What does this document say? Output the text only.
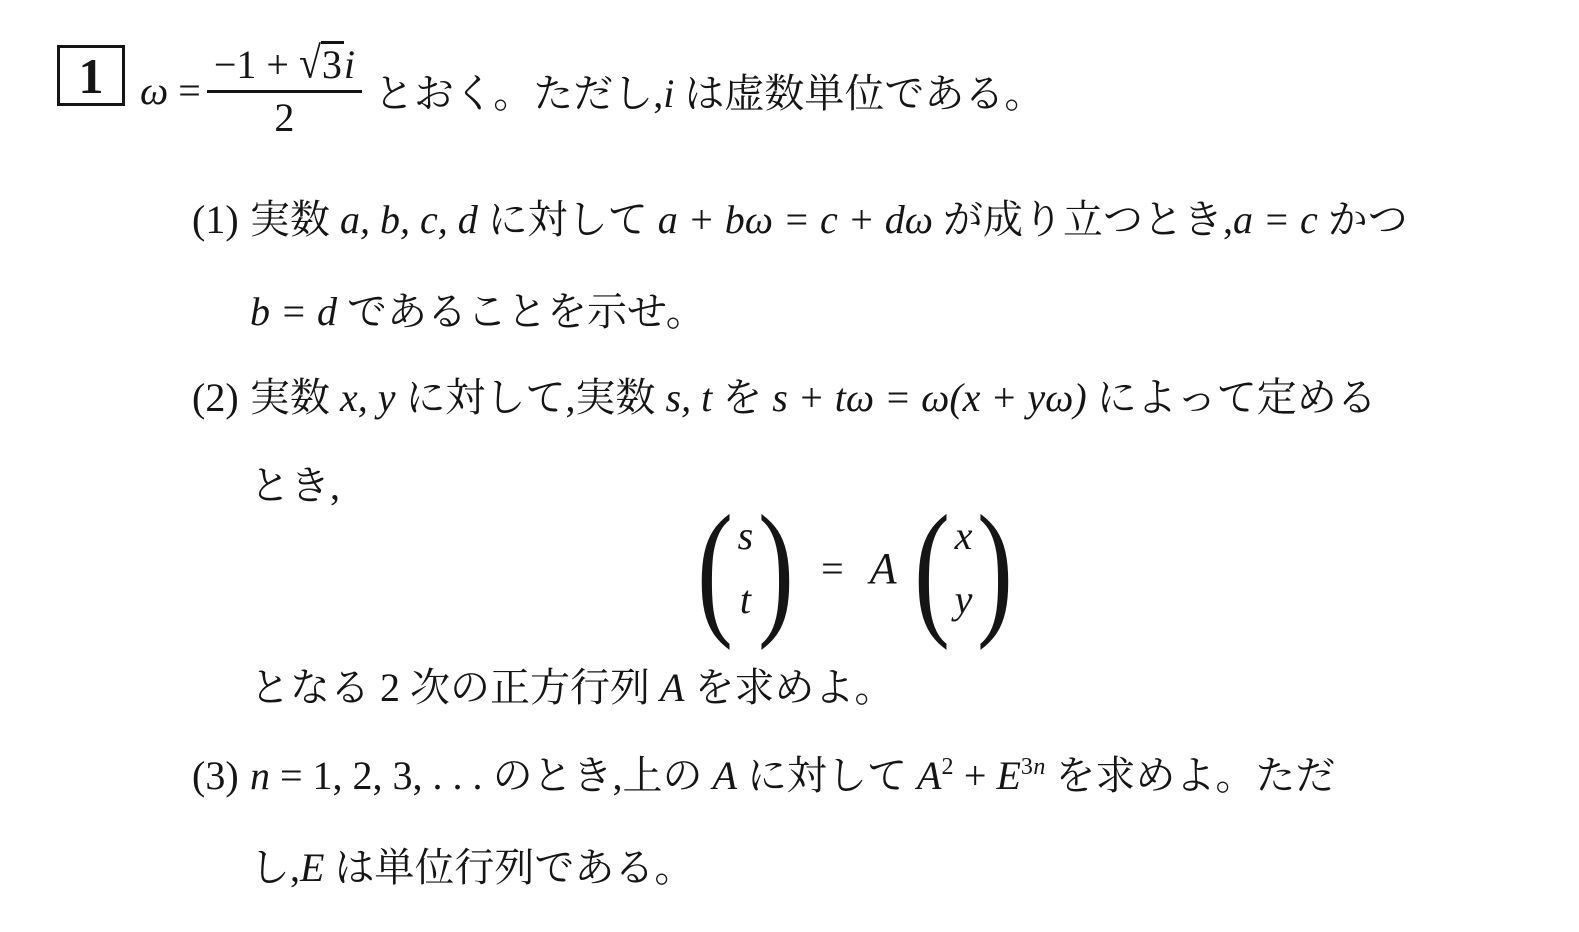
1 $\omega = \frac{-1 + √3i}{2}$ とおく。ただし,i は虚数単位である。
(1) 実数 a, b, c, d に対して a + bω = c + dω が成り立つとき,a = c かつ
b = d であることを示せ。
(2) 実数 x, y に対して,実数 s, t を s + tω = ω(x + yω) によって定める
とき, ( s
t ) = A ( x
y )
となる 2 次の正方行列 A を求めよ。
(3) n = 1, 2, 3, . . . のとき,上の A に対して $A^2 + E^{3n}$ を求めよ。ただ
し,E は単位行列である。
